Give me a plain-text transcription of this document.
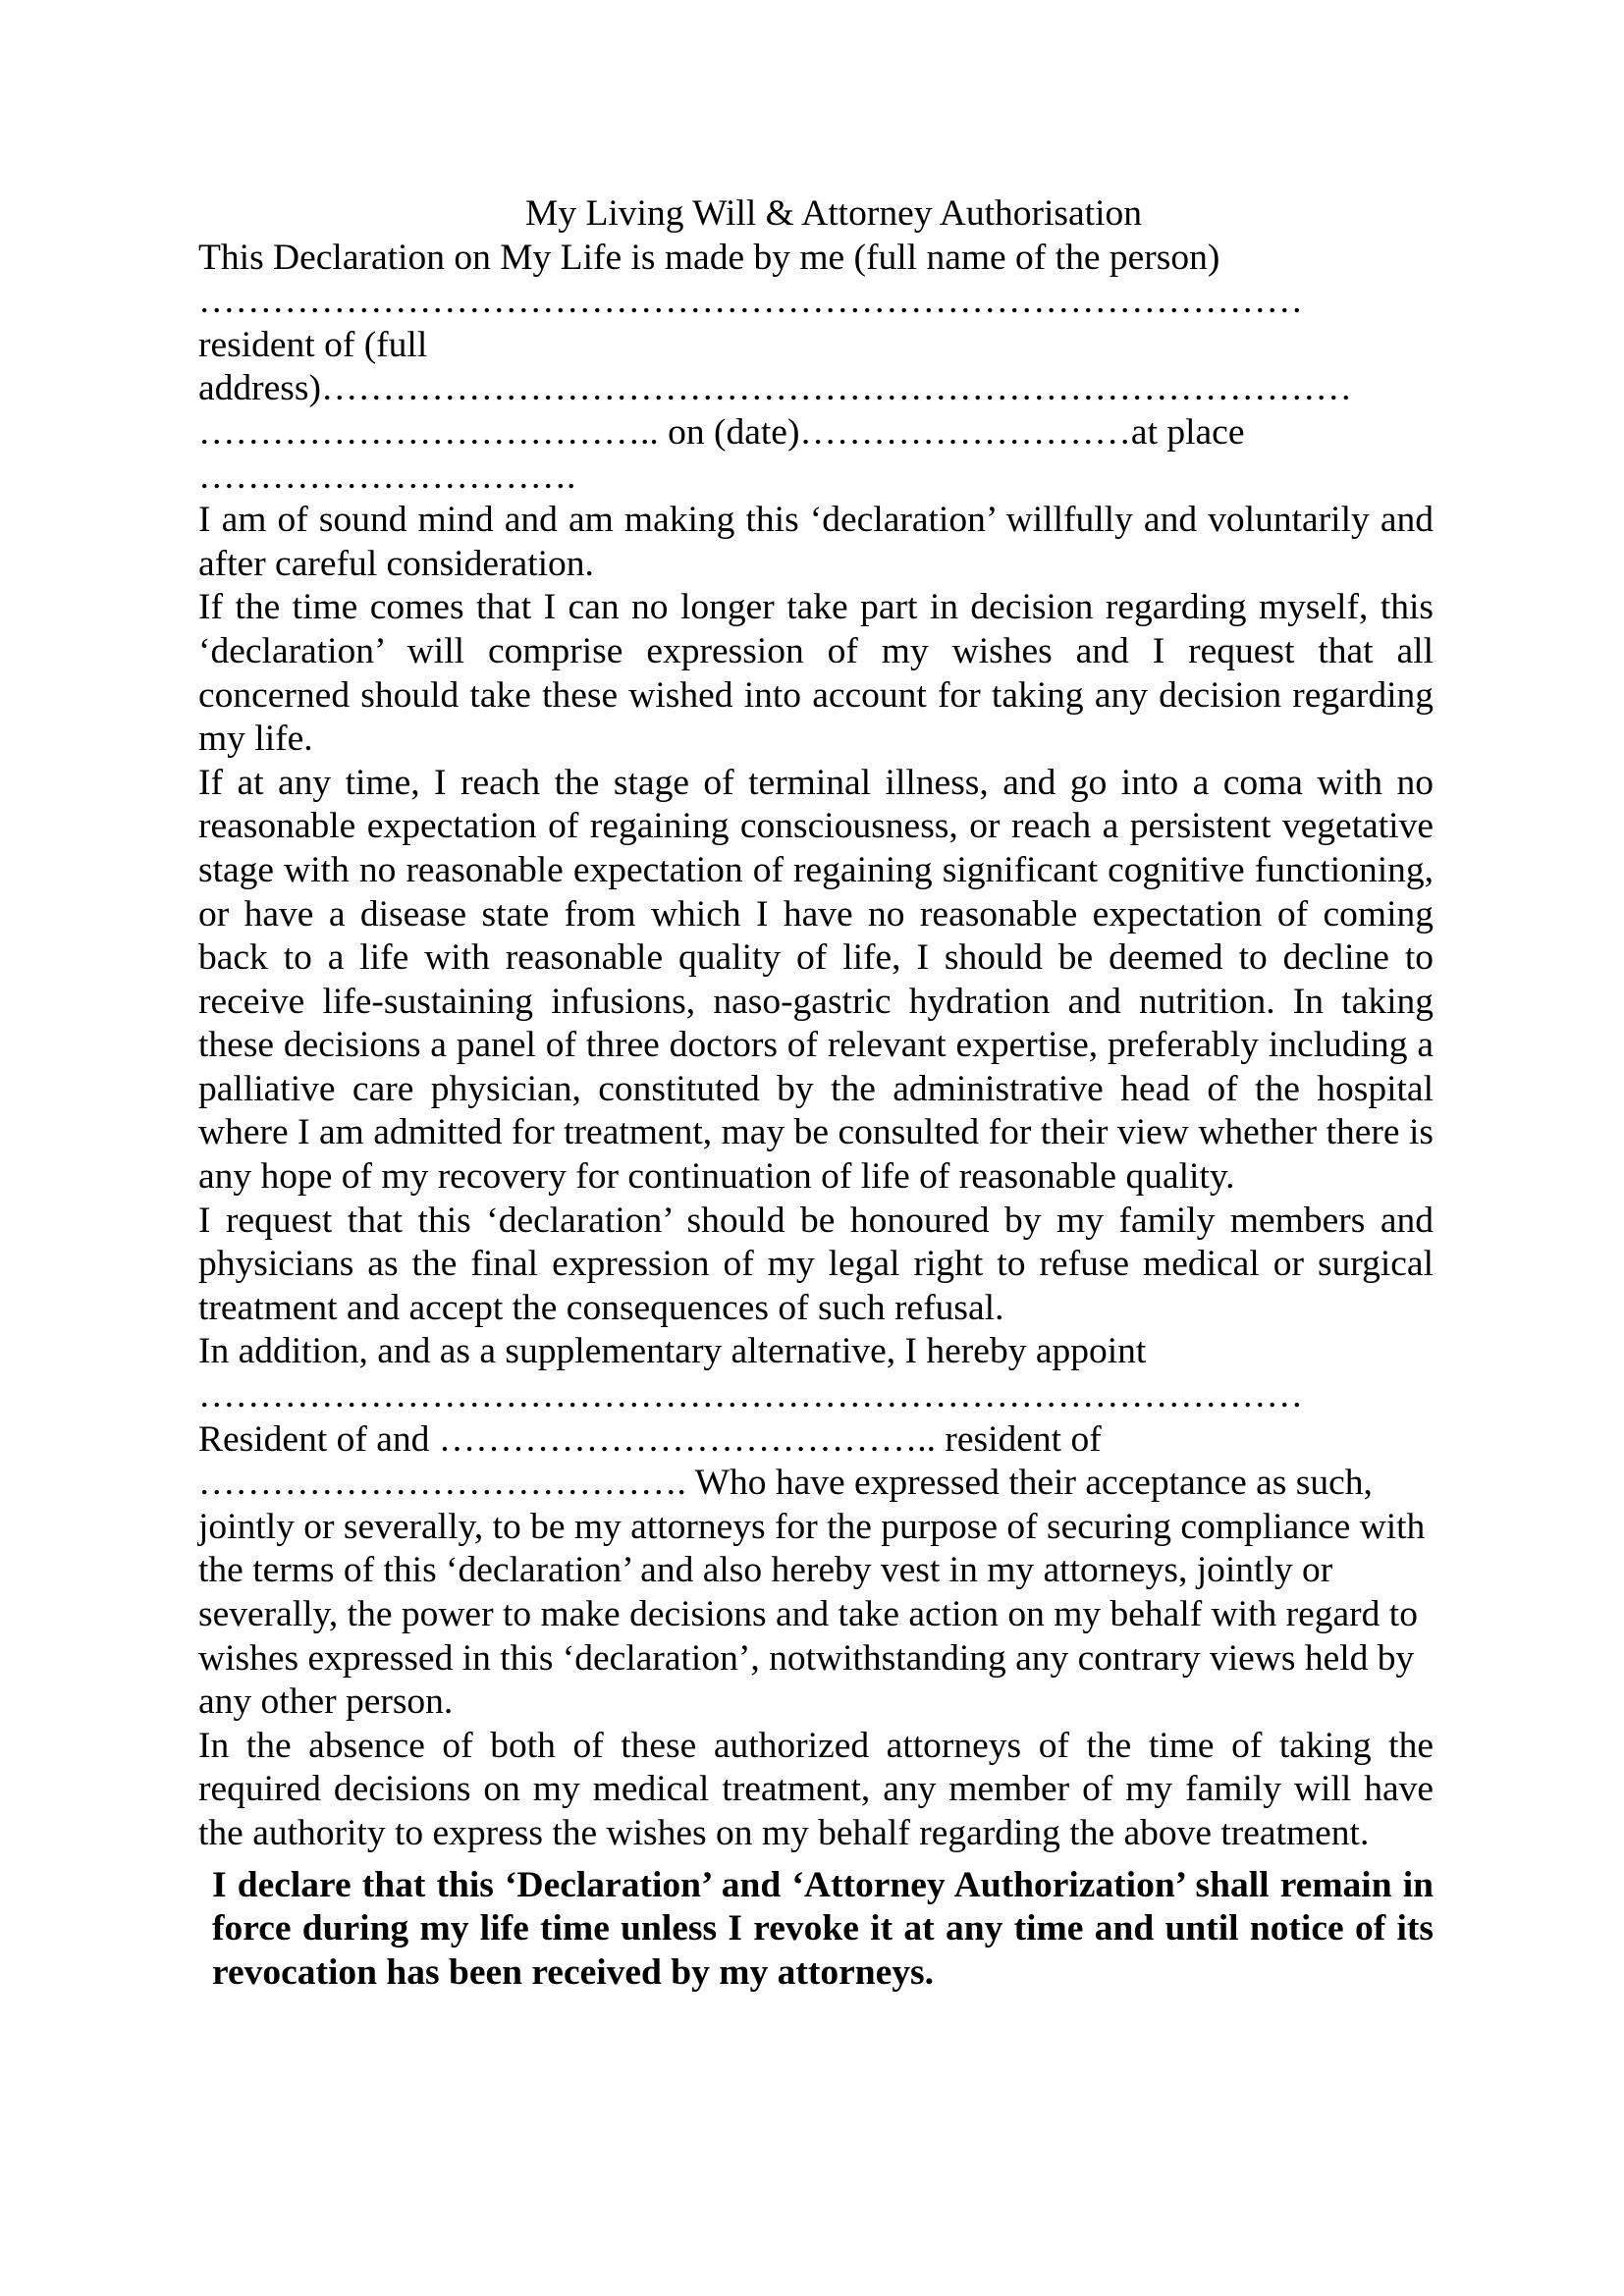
My Living Will & Attorney Authorisation

This Declaration on My Life is made by me (full name of the person)

………………………………………………………………………………

resident of (full

address)…………………………………………………………………………

……………………………….. on (date)………………………at place

………………………….

I am of sound mind and am making this ‘declaration’ willfully and voluntarily and after careful consideration.

If the time comes that I can no longer take part in decision regarding myself, this ‘declaration’ will comprise expression of my wishes and I request that all concerned should take these wished into account for taking any decision regarding my life.

If at any time, I reach the stage of terminal illness, and go into a coma with no reasonable expectation of regaining consciousness, or reach a persistent vegetative stage with no reasonable expectation of regaining significant cognitive functioning, or have a disease state from which I have no reasonable expectation of coming back to a life with reasonable quality of life, I should be deemed to decline to receive life-sustaining infusions, naso-gastric hydration and nutrition. In taking these decisions a panel of three doctors of relevant expertise, preferably including a palliative care physician, constituted by the administrative head of the hospital where I am admitted for treatment, may be consulted for their view whether there is any hope of my recovery for continuation of life of reasonable quality.

I request that this ‘declaration’ should be honoured by my family members and physicians as the final expression of my legal right to refuse medical or surgical treatment and accept the consequences of such refusal.

In addition, and as a supplementary alternative, I hereby appoint

………………………………………………………………………………

Resident of and ………………………………….. resident of

…………………………………. Who have expressed their acceptance as such, jointly or severally, to be my attorneys for the purpose of securing compliance with the terms of this ‘declaration’ and also hereby vest in my attorneys, jointly or severally, the power to make decisions and take action on my behalf with regard to wishes expressed in this ‘declaration’, notwithstanding any contrary views held by any other person.

In the absence of both of these authorized attorneys of the time of taking the required decisions on my medical treatment, any member of my family will have the authority to express the wishes on my behalf regarding the above treatment.

I declare that this ‘Declaration’ and ‘Attorney Authorization’ shall remain in force during my life time unless I revoke it at any time and until notice of its revocation has been received by my attorneys.
